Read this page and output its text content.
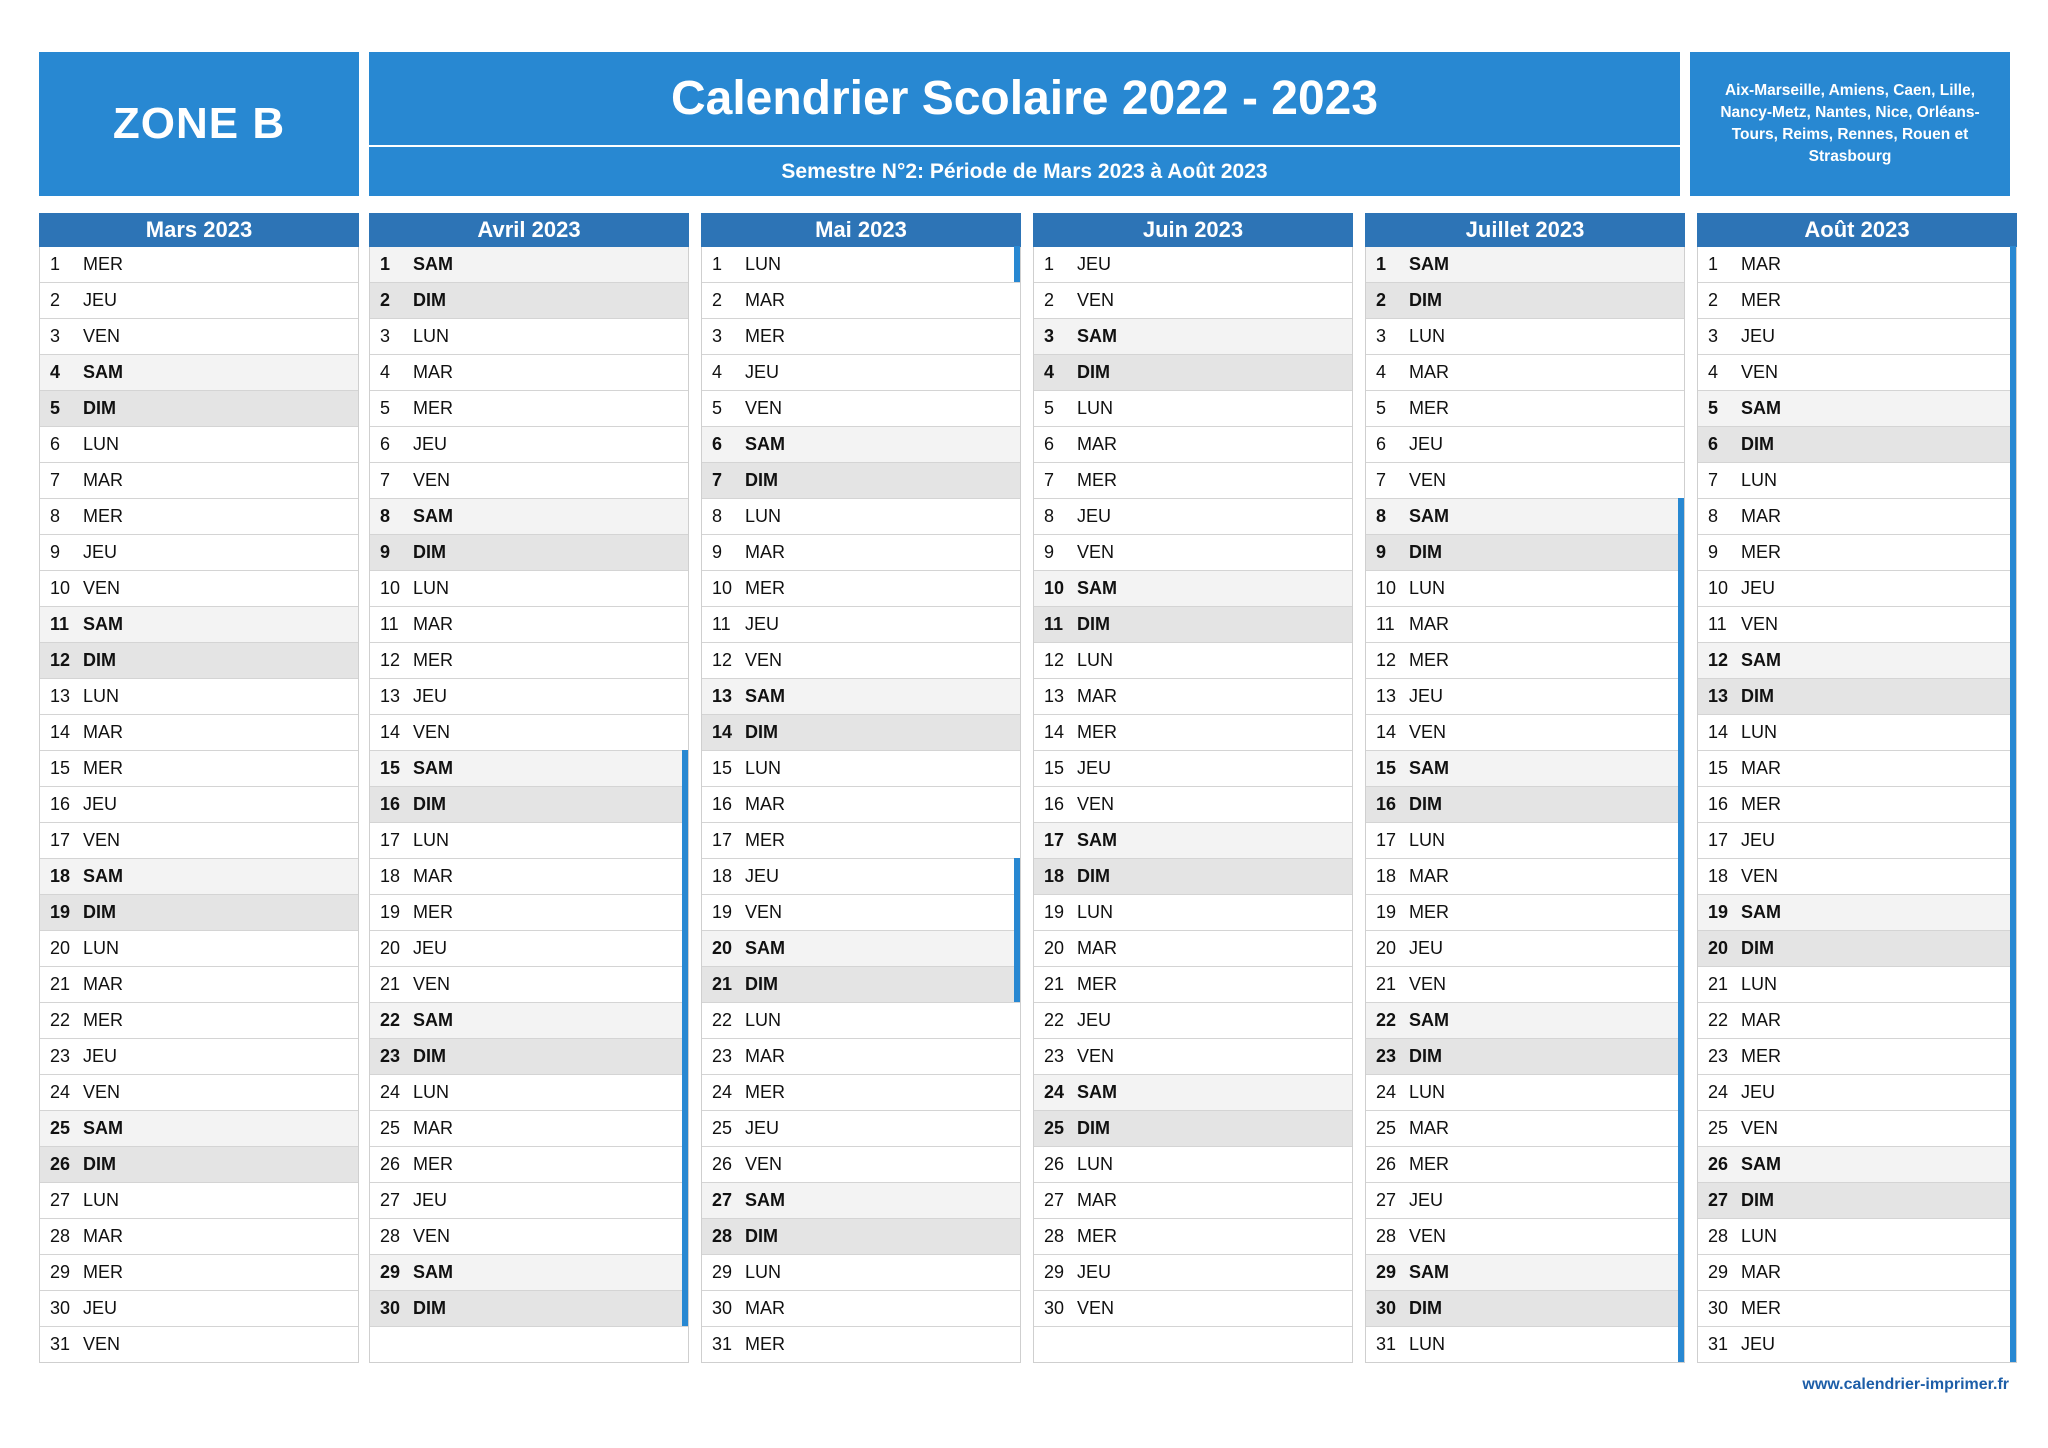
ZONE B	Calendrier Scolaire 2022 - 2023
Semestre N°2: Période de Mars 2023 à Août 2023
Aix-Marseille, Amiens, Caen, Lille, Nancy-Metz, Nantes, Nice, Orléans-Tours, Reims, Rennes, Rouen et Strasbourg
Mars 2023
1	MER
2	JEU
3	VEN
4	SAM
5	DIM
6	LUN
7	MAR
8	MER
9	JEU
10 VEN
11 SAM
12 DIM
13 LUN
14 MAR
15 MER
16 JEU
17 VEN
18 SAM
19 DIM
20 LUN
21 MAR
22 MER
23 JEU
24 VEN
25 SAM
26 DIM
27 LUN
28 MAR
29 MER
30 JEU
31 VEN
Avril 2023
1	SAM
2	DIM
3	LUN
4	MAR
5	MER
6	JEU
7	VEN
8	SAM
9	DIM
10 LUN
11 MAR
12 MER
13 JEU
14 VEN
15 SAM
16 DIM
17 LUN
18 MAR
19 MER
20 JEU
21 VEN
22 SAM
23 DIM
24 LUN
25 MAR
26 MER
27 JEU
28 VEN
29 SAM
30 DIM
Mai 2023
1	LUN
2	MAR
3	MER
4	JEU
5	VEN
6	SAM
7	DIM
8	LUN
9	MAR
10 MER
11 JEU
12 VEN
13 SAM
14 DIM
15 LUN
16 MAR
17 MER
18 JEU
19 VEN
20 SAM
21 DIM
22 LUN
23 MAR
24 MER
25 JEU
26 VEN
27 SAM
28 DIM
29 LUN
30 MAR
31 MER
Juin 2023
1	JEU
2	VEN
3	SAM
4	DIM
5	LUN
6	MAR
7	MER
8	JEU
9	VEN
10 SAM
11 DIM
12 LUN
13 MAR
14 MER
15 JEU
16 VEN
17 SAM
18 DIM
19 LUN
20 MAR
21 MER
22 JEU
23 VEN
24 SAM
25 DIM
26 LUN
27 MAR
28 MER
29 JEU
30 VEN
Juillet 2023
1	SAM
2	DIM
3	LUN
4	MAR
5	MER
6	JEU
7	VEN
8	SAM
9	DIM
10 LUN
11 MAR
12 MER
13 JEU
14 VEN
15 SAM
16 DIM
17 LUN
18 MAR
19 MER
20 JEU
21 VEN
22 SAM
23 DIM
24 LUN
25 MAR
26 MER
27 JEU
28 VEN
29 SAM
30 DIM
31 LUN
Août 2023
1	MAR
2	MER
3	JEU
4	VEN
5	SAM
6	DIM
7	LUN
8	MAR
9	MER
10 JEU
11 VEN
12 SAM
13 DIM
14 LUN
15 MAR
16 MER
17 JEU
18 VEN
19 SAM
20 DIM
21 LUN
22 MAR
23 MER
24 JEU
25 VEN
26 SAM
27 DIM
28 LUN
29 MAR
30 MER
31 JEU
www.calendrier-imprimer.fr
